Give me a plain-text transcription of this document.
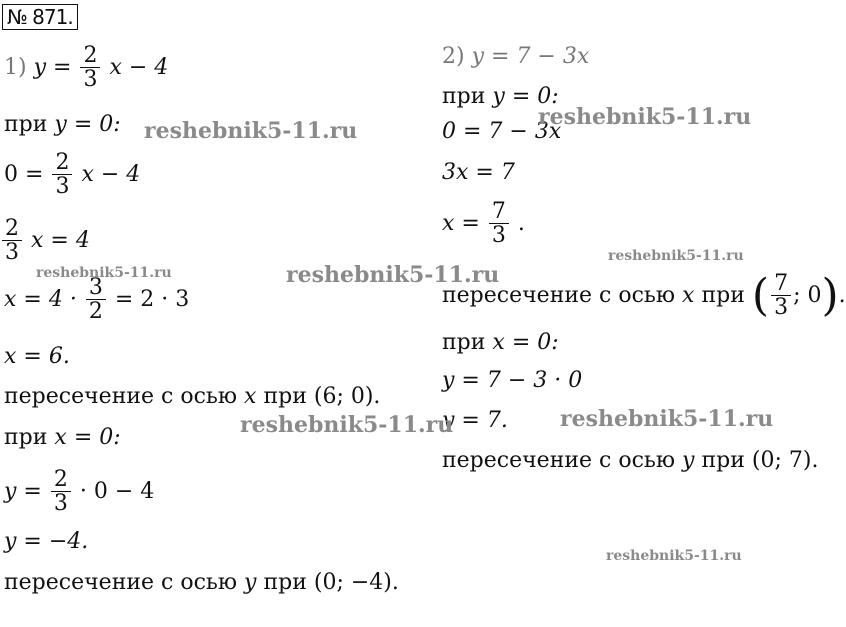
№ 871.
1) $y = \frac{2}{3}$ x − 4
при y = 0:
$0 = \frac{2}{3}$ x − 4
$\frac{2}{3}$ x = 4
$x = 4 \cdot \frac{3}{2} = 2 \cdot 3$
x = 6.
пересечение с осью x при (6; 0).
при x = 0:
$y = \frac{2}{3} \cdot 0 - 4$
y = −4.
пересечение с осью y при (0; −4).
2) y = 7 − 3x
при y = 0:
0 = 7 − 3x
3x = 7
$x = \frac{7}{3}$ .
пересечение с осью x при ( $\frac{7}{3}$ ; 0).
при x = 0:
y = 7 − 3 · 0
y = 7.
пересечение с осью y при (0; 7).
reshebnik5-11.ru
reshebnik5-11.ru
reshebnik5-11.ru	reshebnik5-11.ru
reshebnik5-11.ru
reshebnik5-11.ru	reshebnik5-11.ru
reshebnik5-11.ru
